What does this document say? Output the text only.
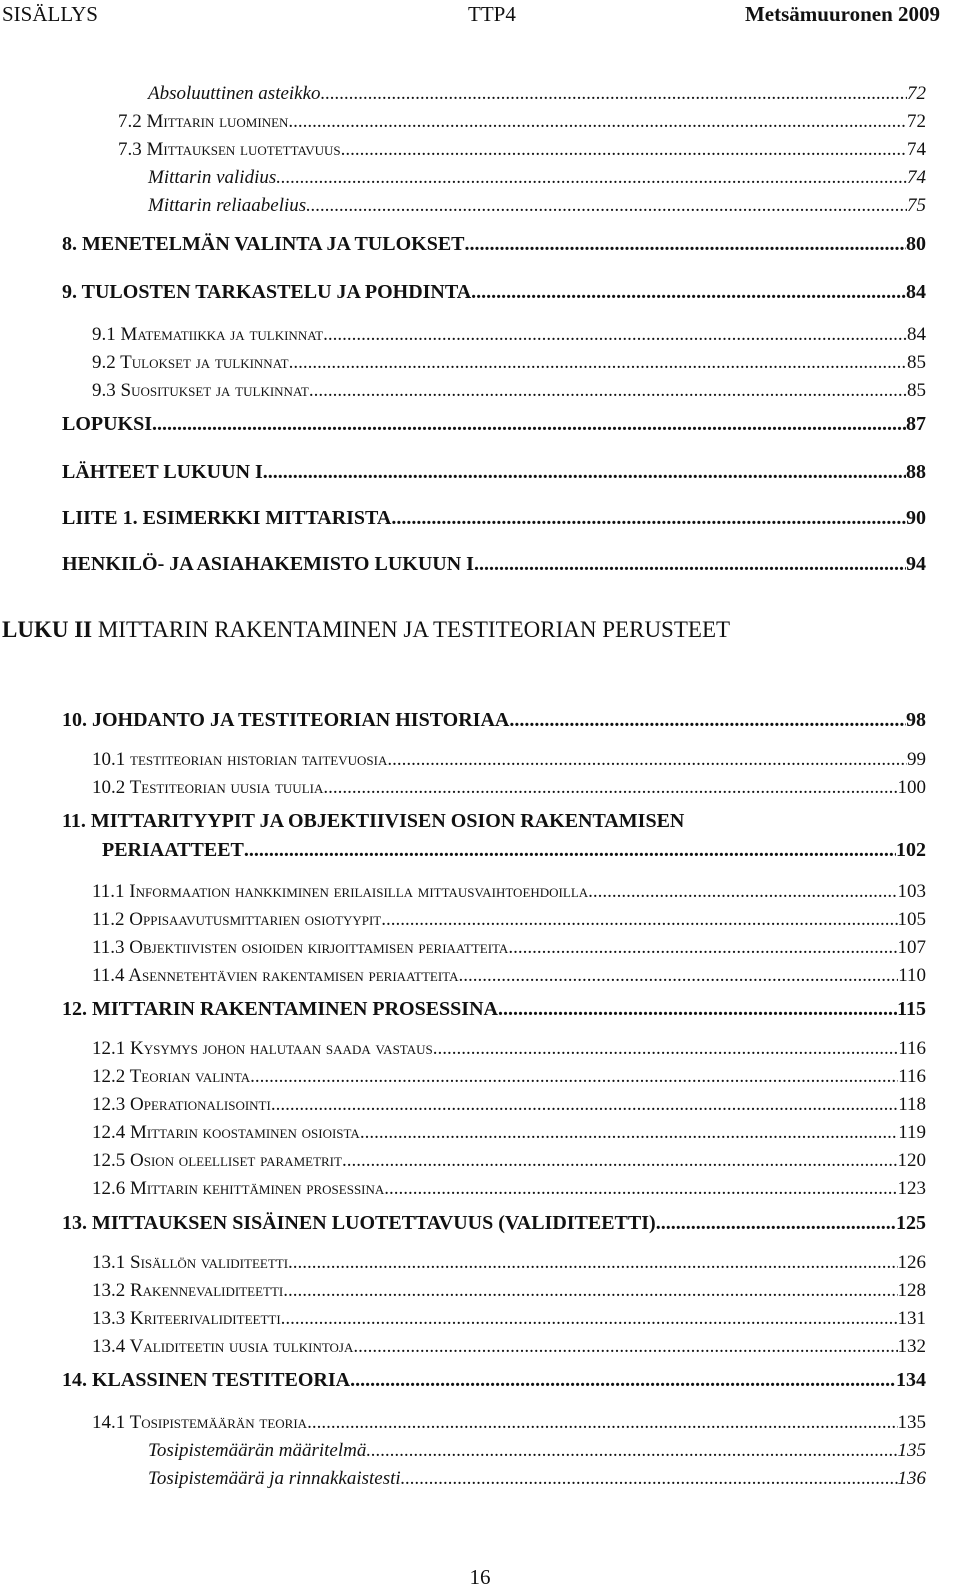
SISÄLLYS	TTP4	Metsämuuronen 2009
Absoluuttinen asteikko .....	72
7.2 Mittarin luominen .....	72
7.3 Mittauksen luotettavuus .....	74
Mittarin validius .....	74
Mittarin reliaabelius .....	75
8. MENETELMÄN VALINTA JA TULOKSET .....	80
9. TULOSTEN TARKASTELU JA POHDINTA .....	84
9.1 Matematiikka ja tulkinnat .....	84
9.2 Tulokset ja tulkinnat .....	85
9.3 Suositukset ja tulkinnat .....	85
LOPUKSI .....	87
LÄHTEET LUKUUN I .....	88
LIITE 1. ESIMERKKI MITTARISTA .....	90
HENKILÖ- JA ASIAHAKEMISTO LUKUUN I .....	94
10. JOHDANTO JA TESTITEORIAN HISTORIAA .....	98
10.1 testiteorian historian taitevuosia .....	99
10.2 Testiteorian uusia tuulia .....	100
11. MITTARITYYPIT JA OBJEKTIIVISEN OSION RAKENTAMISEN
PERIAATTEET .....	102
11.1 Informaation hankkiminen erilaisilla mittausvaihtoehdoilla .....	103
11.2 Oppisaavutusmittarien osiotyypit .....	105
11.3 Objektiivisten osioiden kirjoittamisen periaatteita .....	107
11.4 Asennetehtävien rakentamisen periaatteita .....	110
12. MITTARIN RAKENTAMINEN PROSESSINA .....	115
12.1 Kysymys johon halutaan saada vastaus .....	116
12.2 Teorian valinta .....	116
12.3 Operationalisointi .....	118
12.4 Mittarin koostaminen osioista .....	119
12.5 Osion oleelliset parametrit .....	120
12.6 Mittarin kehittäminen prosessina .....	123
13. MITTAUKSEN SISÄINEN LUOTETTAVUUS (VALIDITEETTI) .....	125
13.1 Sisällön validiteetti .....	126
13.2 Rakennevaliditeetti .....	128
13.3 Kriteerivaliditeetti .....	131
13.4 Validiteetin uusia tulkintoja .....	132
14. KLASSINEN TESTITEORIA .....	134
14.1 Tosipistemäärän teoria .....	135
Tosipistemäärän määritelmä .....	135
Tosipistemäärä ja rinnakkaistesti .....	136
LUKU II MITTARIN RAKENTAMINEN JA TESTITEORIAN PERUSTEET
16
